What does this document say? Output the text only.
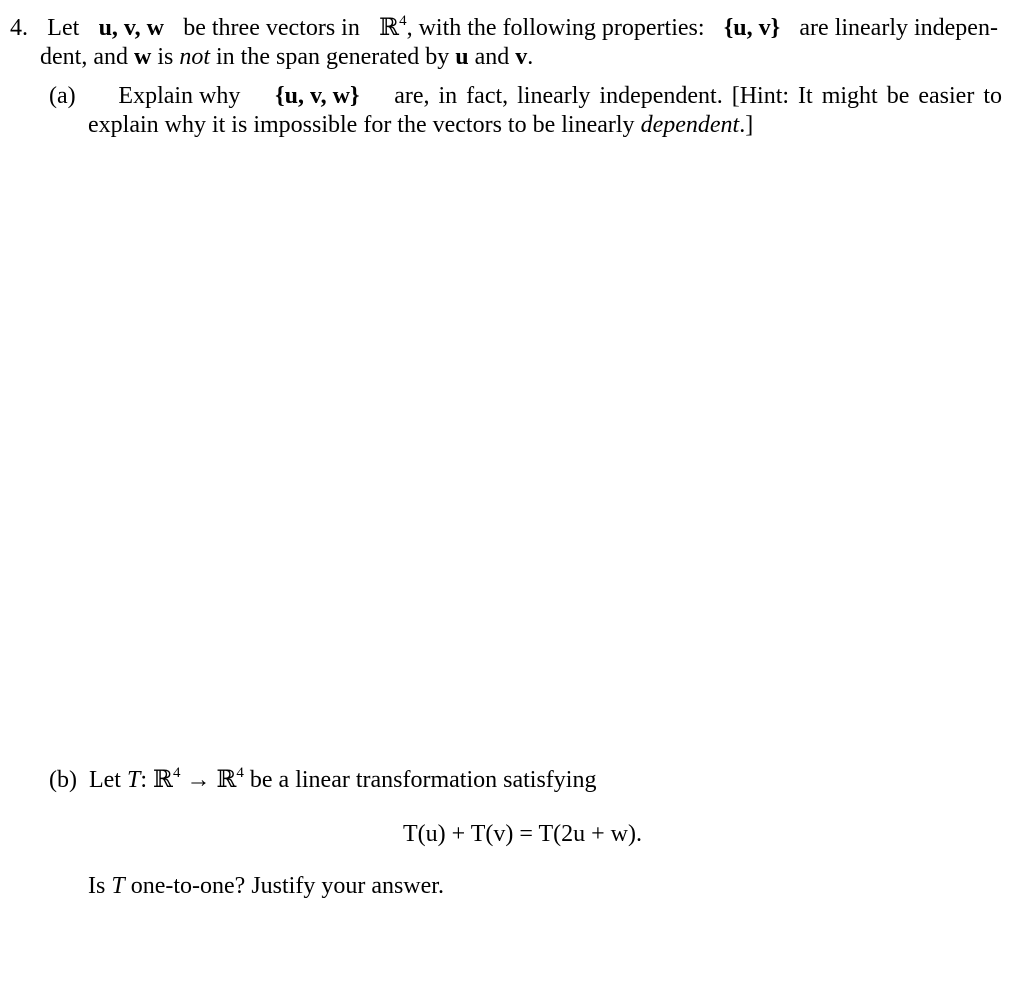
4. Let u, v, w be three vectors in ℝ$^4$, with the following properties: {u, v} are linearly indepen-
dent, and w is not in the span generated by u and v.
(a) Explain why {u, v, w} are, in fact, linearly independent. [Hint: It might be easier to
explain why it is impossible for the vectors to be linearly dependent.]
(b) Let T: ℝ$^4$ → ℝ$^4$ be a linear transformation satisfying
T(u) + T(v) = T(2u + w).
Is T one-to-one? Justify your answer.
